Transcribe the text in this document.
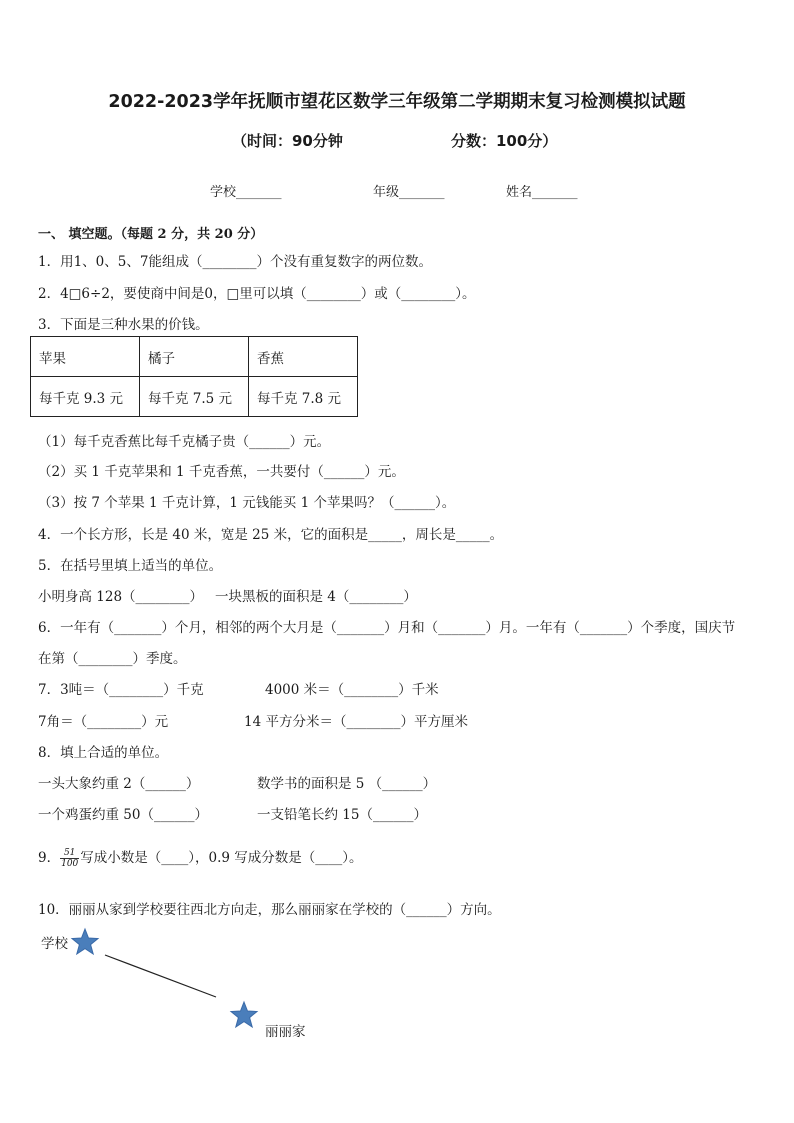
2022-2023学年抚顺市望花区数学三年级第二学期期末复习检测模拟试题
（时间：90分钟	分数：100分）
学校_______	年级_______	姓名_______
一、 填空题。（每题 2 分，共 20 分）
1．用1、0、5、7能组成（________）个没有重复数字的两位数。
2．4□6÷2，要使商中间是0，□里可以填（________）或（________）。
3．下面是三种水果的价钱。
苹果	橘子	香蕉
每千克 9.3 元	每千克 7.5 元	每千克 7.8 元
（1）每千克香蕉比每千克橘子贵（______）元。
（2）买 1 千克苹果和 1 千克香蕉，一共要付（______）元。
（3）按 7 个苹果 1 千克计算，1 元钱能买 1 个苹果吗？（______）。
4．一个长方形，长是 40 米，宽是 25 米，它的面积是_____，周长是_____。
5．在括号里填上适当的单位。
小明身高 128（________） 一块黑板的面积是 4（________）
6．一年有（_______）个月，相邻的两个大月是（_______）月和（_______）月。一年有（_______）个季度，国庆节
在第（________）季度。
7．3吨＝（________）千克	4000 米＝（________）千米
7角＝（________）元	14 平方分米＝（________）平方厘米
8．填上合适的单位。
一头大象约重 2（______）	数学书的面积是 5 （______）
一个鸡蛋约重 50（______）	一支铅笔长约 15（______）
9． $\frac{51}{100}$ 写成小数是（____），0.9 写成分数是（____）。
10．丽丽从家到学校要往西北方向走，那么丽丽家在学校的（______）方向。
学校
丽丽家
